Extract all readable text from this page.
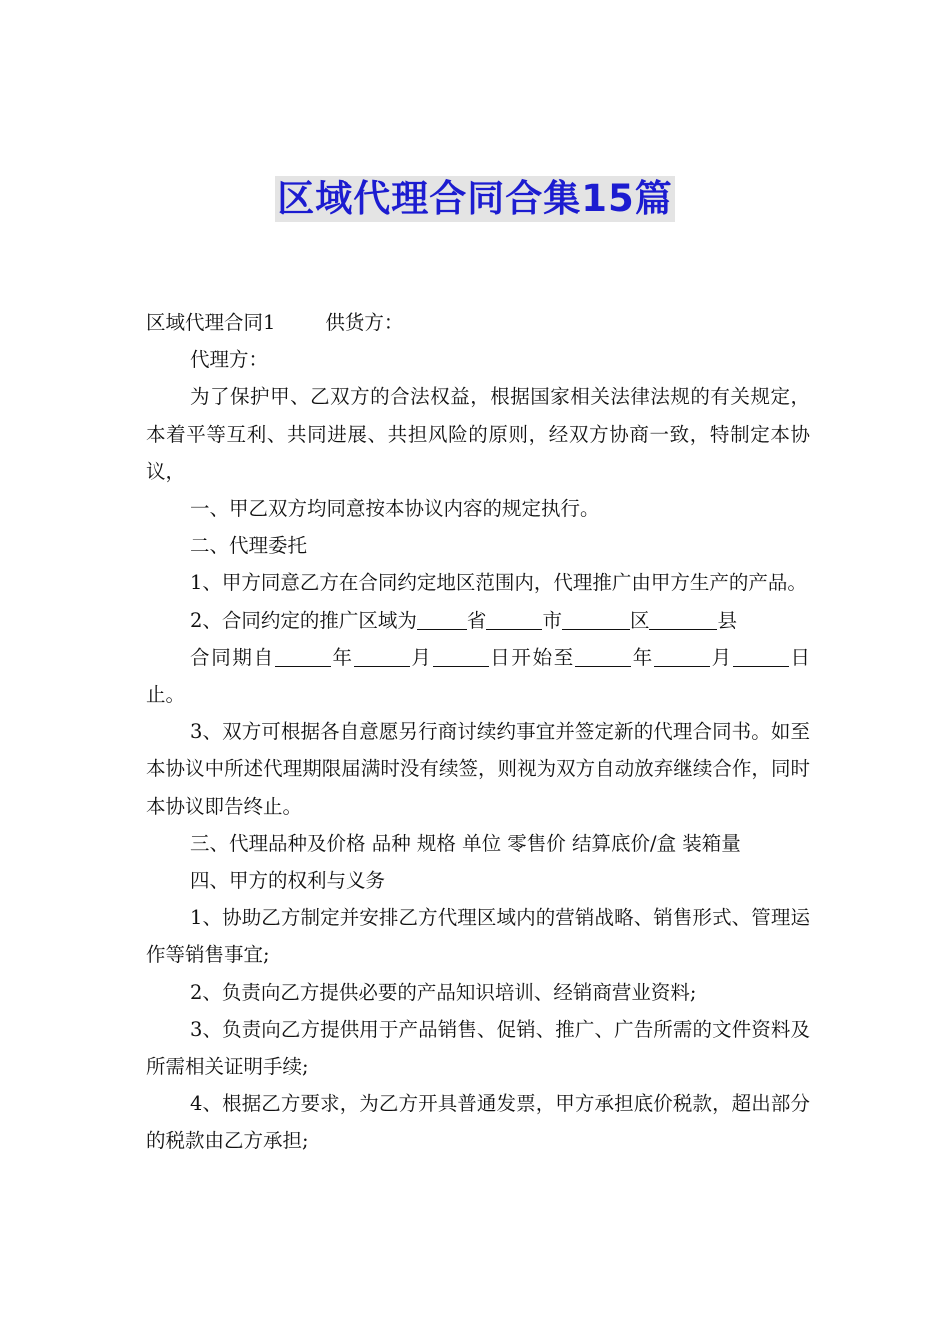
区域代理合同合集15篇

区域代理合同1	供货方：

代理方：

为了保护甲、乙双方的合法权益，根据国家相关法律法规的有关规定，本着平等互利、共同进展、共担风险的原则，经双方协商一致，特制定本协议，

一、甲乙双方均同意按本协议内容的规定执行。

二、代理委托

1、甲方同意乙方在合同约定地区范围内，代理推广由甲方生产的产品。

2、合同约定的推广区域为	省	市	区	县

合同期自	年	月	日开始至	年	月	日止。

3、双方可根据各自意愿另行商讨续约事宜并签定新的代理合同书。如至本协议中所述代理期限届满时没有续签，则视为双方自动放弃继续合作，同时本协议即告终止。

三、代理品种及价格 品种 规格 单位 零售价 结算底价/盒 装箱量

四、甲方的权利与义务

1、协助乙方制定并安排乙方代理区域内的营销战略、销售形式、管理运作等销售事宜;

2、负责向乙方提供必要的产品知识培训、经销商营业资料;

3、负责向乙方提供用于产品销售、促销、推广、广告所需的文件资料及所需相关证明手续;

4、根据乙方要求，为乙方开具普通发票，甲方承担底价税款，超出部分的税款由乙方承担;
